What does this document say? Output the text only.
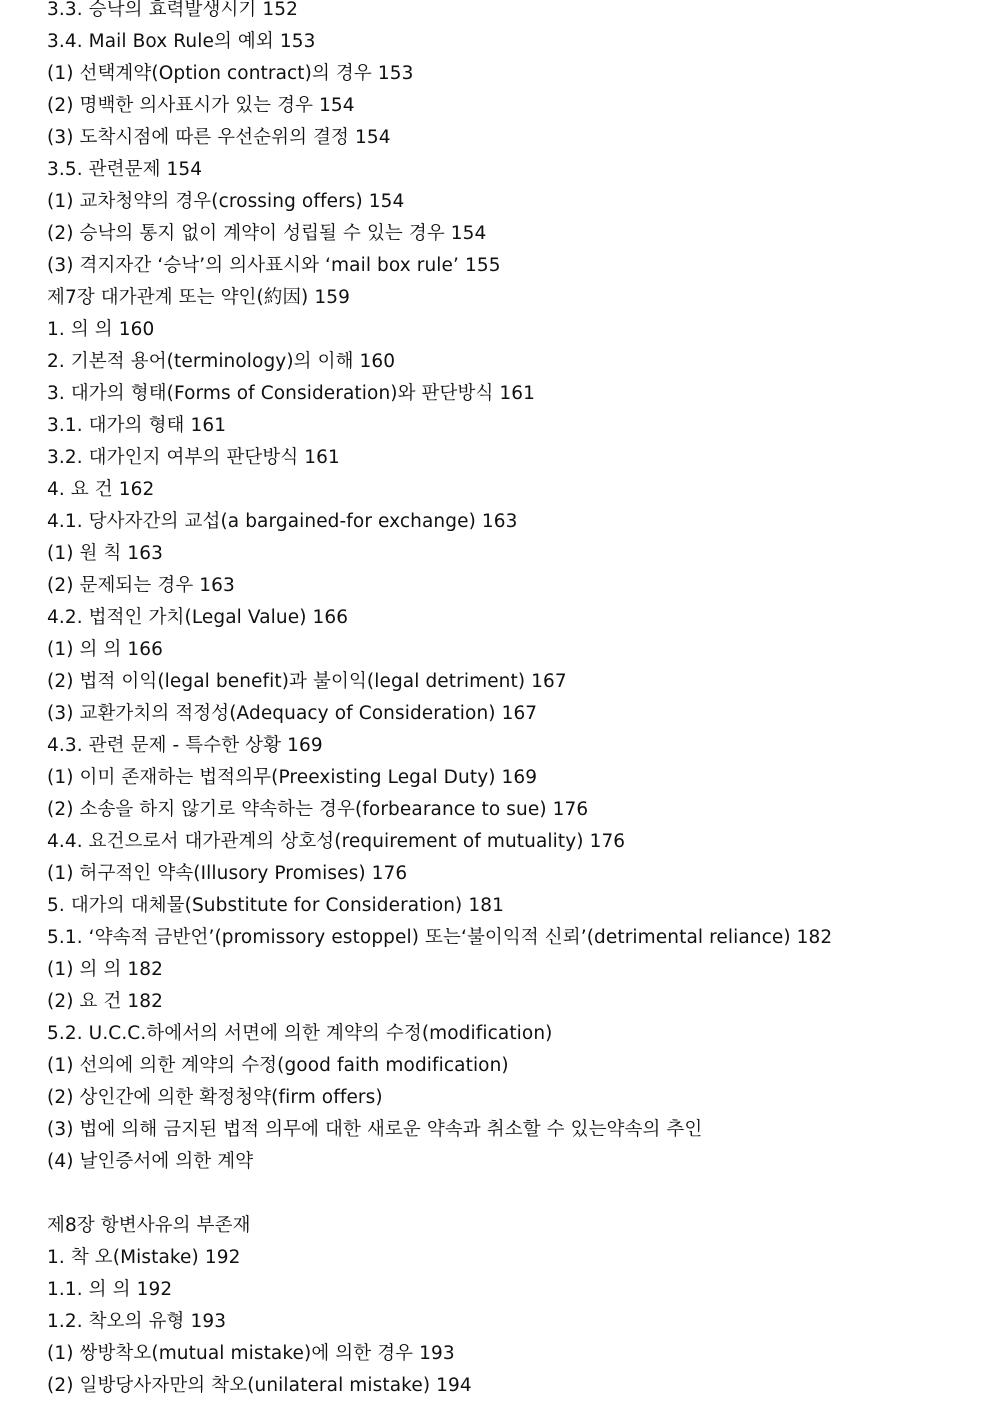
3.3. 승낙의 효력발생시기 152
3.4. Mail Box Rule의 예외 153
(1) 선택계약(Option contract)의 경우 153
(2) 명백한 의사표시가 있는 경우 154
(3) 도착시점에 따른 우선순위의 결정 154
3.5. 관련문제 154
(1) 교차청약의 경우(crossing offers) 154
(2) 승낙의 통지 없이 계약이 성립될 수 있는 경우 154
(3) 격지자간 ‘승낙’의 의사표시와 ‘mail box rule’ 155
제7장 대가관계 또는 약인(約因) 159
1. 의 의 160
2. 기본적 용어(terminology)의 이해 160
3. 대가의 형태(Forms of Consideration)와 판단방식 161
3.1. 대가의 형태 161
3.2. 대가인지 여부의 판단방식 161
4. 요 건 162
4.1. 당사자간의 교섭(a bargained-for exchange) 163
(1) 원 칙 163
(2) 문제되는 경우 163
4.2. 법적인 가치(Legal Value) 166
(1) 의 의 166
(2) 법적 이익(legal benefit)과 불이익(legal detriment) 167
(3) 교환가치의 적정성(Adequacy of Consideration) 167
4.3. 관련 문제 - 특수한 상황 169
(1) 이미 존재하는 법적의무(Preexisting Legal Duty) 169
(2) 소송을 하지 않기로 약속하는 경우(forbearance to sue) 176
4.4. 요건으로서 대가관계의 상호성(requirement of mutuality) 176
(1) 허구적인 약속(Illusory Promises) 176
5. 대가의 대체물(Substitute for Consideration) 181
5.1. ‘약속적 금반언’(promissory estoppel) 또는‘불이익적 신뢰’(detrimental reliance) 182
(1) 의 의 182
(2) 요 건 182
5.2. U.C.C.하에서의 서면에 의한 계약의 수정(modification)
(1) 선의에 의한 계약의 수정(good faith modification)
(2) 상인간에 의한 확정청약(firm offers)
(3) 법에 의해 금지된 법적 의무에 대한 새로운 약속과 취소할 수 있는약속의 추인
(4) 날인증서에 의한 계약
제8장 항변사유의 부존재
1. 착 오(Mistake) 192
1.1. 의 의 192
1.2. 착오의 유형 193
(1) 쌍방착오(mutual mistake)에 의한 경우 193
(2) 일방당사자만의 착오(unilateral mistake) 194
